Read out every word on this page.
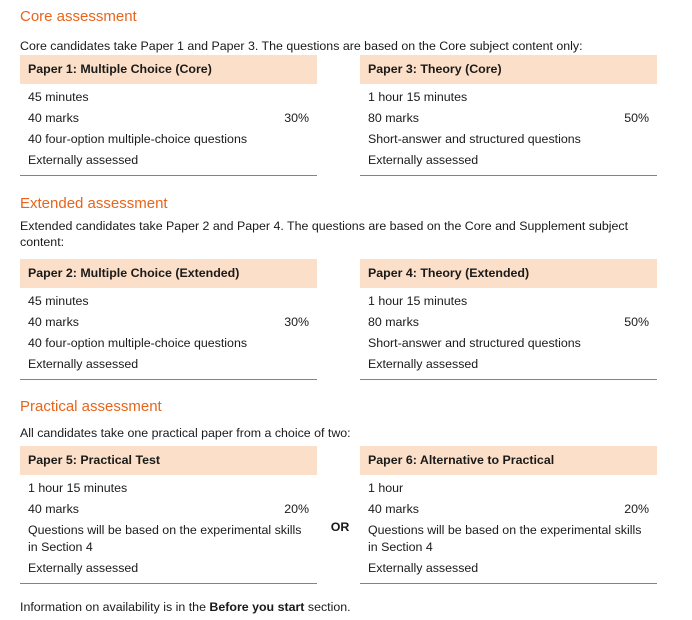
Core assessment
Core candidates take Paper 1 and Paper 3. The questions are based on the Core subject content only:
Paper 1: Multiple Choice (Core)
45 minutes
40 marks	30%
40 four-option multiple-choice questions
Externally assessed
Paper 3: Theory (Core)
1 hour 15 minutes
80 marks	50%
Short-answer and structured questions
Externally assessed
Extended assessment
Extended candidates take Paper 2 and Paper 4. The questions are based on the Core and Supplement subject content:
Paper 2: Multiple Choice (Extended)
45 minutes
40 marks	30%
40 four-option multiple-choice questions
Externally assessed
Paper 4: Theory (Extended)
1 hour 15 minutes
80 marks	50%
Short-answer and structured questions
Externally assessed
Practical assessment
All candidates take one practical paper from a choice of two:
Paper 5: Practical Test
1 hour 15 minutes
40 marks	20%
Questions will be based on the experimental skills in Section 4
Externally assessed
OR
Paper 6: Alternative to Practical
1 hour
40 marks	20%
Questions will be based on the experimental skills in Section 4
Externally assessed
Information on availability is in the Before you start section.
